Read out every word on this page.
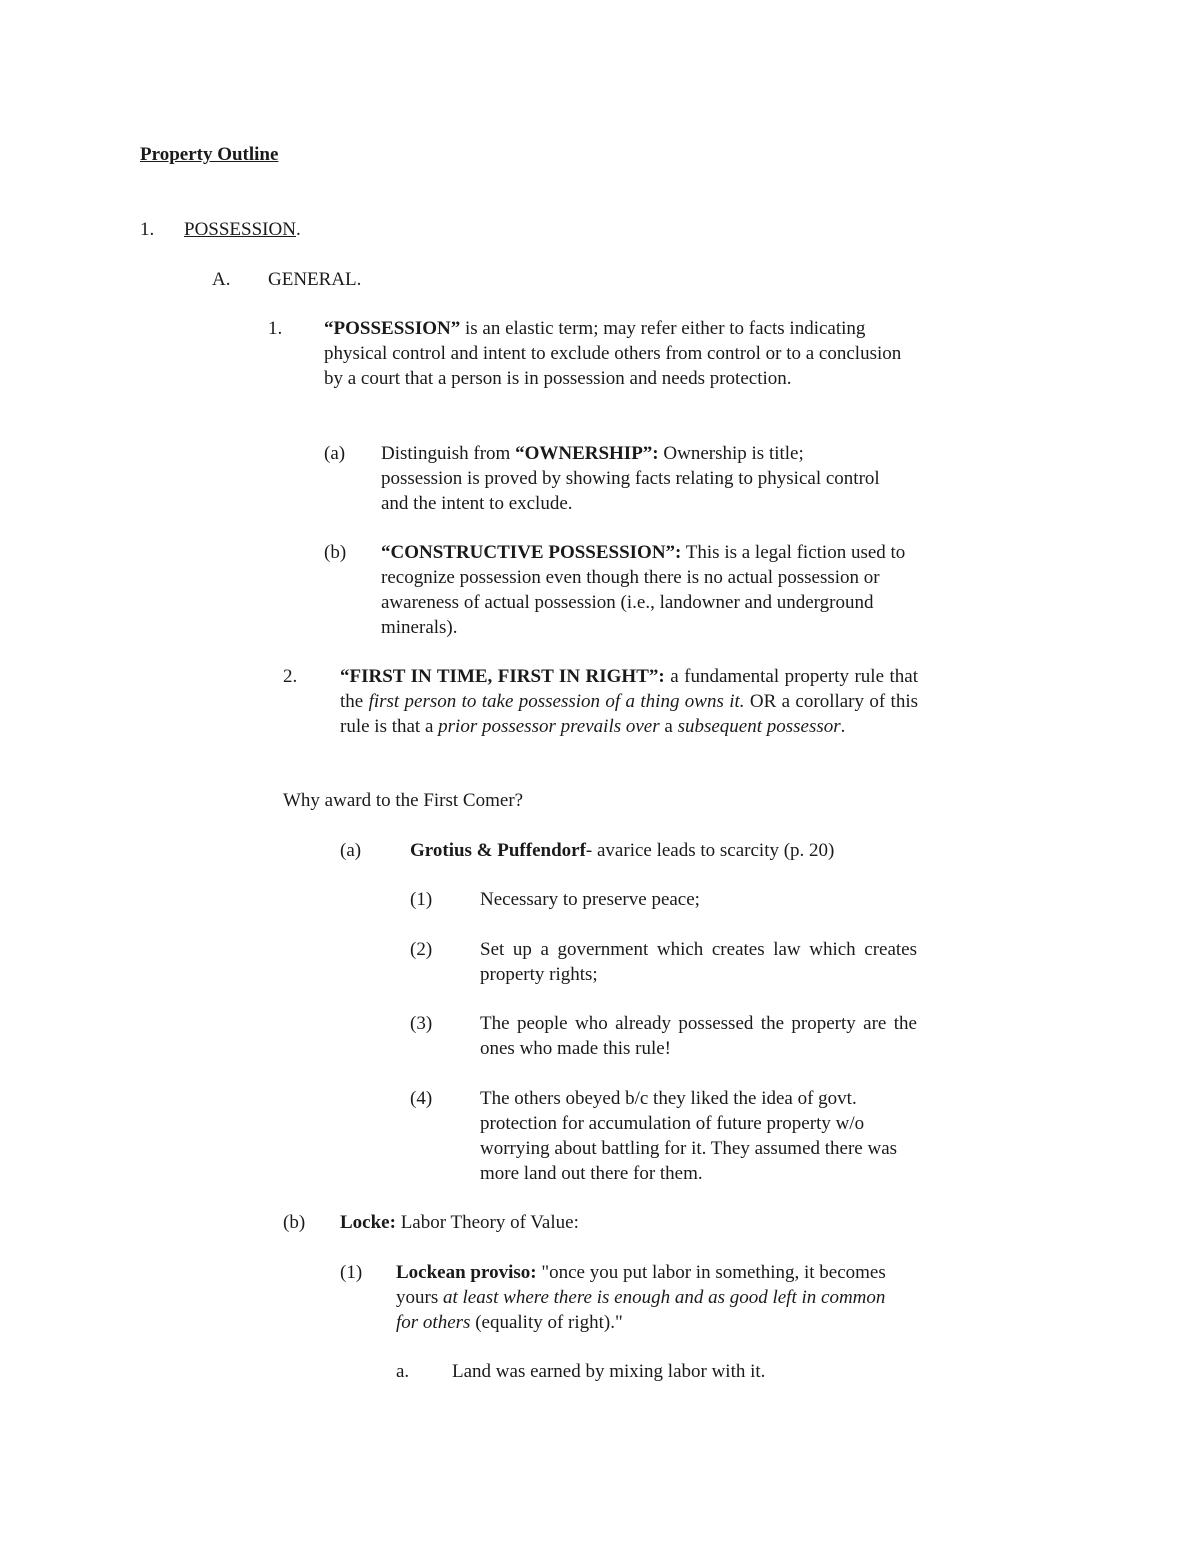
Property Outline
1. POSSESSION.
A. GENERAL.
1. “POSSESSION” is an elastic term; may refer either to facts indicating physical control and intent to exclude others from control or to a conclusion by a court that a person is in possession and needs protection.
(a) Distinguish from “OWNERSHIP”: Ownership is title; possession is proved by showing facts relating to physical control and the intent to exclude.
(b) “CONSTRUCTIVE POSSESSION”: This is a legal fiction used to recognize possession even though there is no actual possession or awareness of actual possession (i.e., landowner and underground minerals).
2. “FIRST IN TIME, FIRST IN RIGHT”: a fundamental property rule that the first person to take possession of a thing owns it. OR a corollary of this rule is that a prior possessor prevails over a subsequent possessor.
Why award to the First Comer?
(a)	Grotius & Puffendorf- avarice leads to scarcity (p. 20)
(1)	Necessary to preserve peace;
(2)	Set up a government which creates law which creates property rights;
(3)	The people who already possessed the property are the ones who made this rule!
(4)	The others obeyed b/c they liked the idea of govt. protection for accumulation of future property w/o worrying about battling for it. They assumed there was more land out there for them.
(b) Locke: Labor Theory of Value:
(1) Lockean proviso: "once you put labor in something, it becomes yours at least where there is enough and as good left in common for others (equality of right)."
a. Land was earned by mixing labor with it.
